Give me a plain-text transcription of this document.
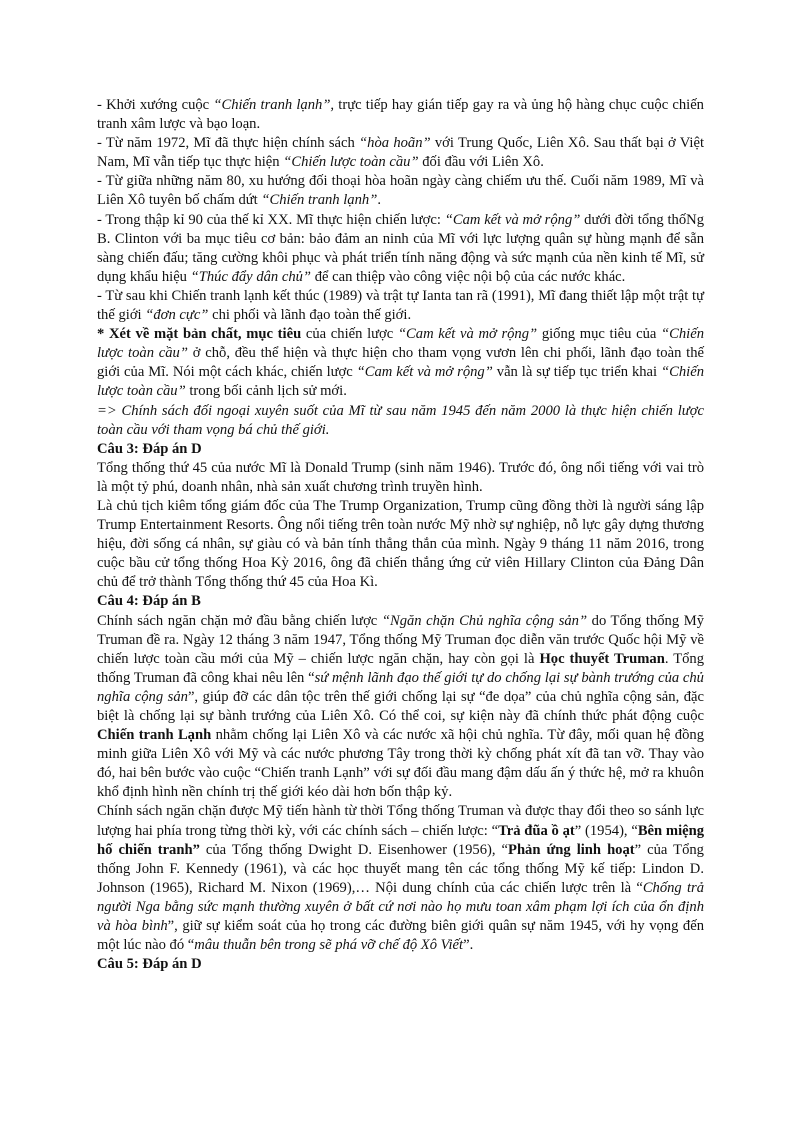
- Khởi xướng cuộc “Chiến tranh lạnh”, trực tiếp hay gián tiếp gay ra và ủng hộ hàng chục cuộc chiến tranh xâm lược và bạo loạn.

- Từ năm 1972, Mĩ đã thực hiện chính sách “hòa hoãn” với Trung Quốc, Liên Xô. Sau thất bại ở Việt Nam, Mĩ vẫn tiếp tục thực hiện “Chiến lược toàn cầu” đối đầu với Liên Xô.

- Từ giữa những năm 80, xu hướng đối thoại hòa hoãn ngày càng chiếm ưu thế. Cuối năm 1989, Mĩ và Liên Xô tuyên bố chấm dứt “Chiến tranh lạnh”.

- Trong thập kỉ 90 của thế kỉ XX. Mĩ thực hiện chiến lược: “Cam kết và mở rộng” dưới đời tổng thốNg B. Clinton với ba mục tiêu cơ bản: bảo đảm an ninh của Mĩ với lực lượng quân sự hùng mạnh để sẵn sàng chiến đấu; tăng cường khôi phục và phát triển tính năng động và sức mạnh của nền kinh tế Mĩ, sử dụng khẩu hiệu “Thúc đẩy dân chủ” để can thiệp vào công việc nội bộ của các nước khác.

- Từ sau khi Chiến tranh lạnh kết thúc (1989) và trật tự Ianta tan rã (1991), Mĩ đang thiết lập một trật tự thế giới “đơn cực” chi phối và lãnh đạo toàn thế giới.

* Xét về mặt bản chất, mục tiêu của chiến lược “Cam kết và mở rộng” giống mục tiêu của “Chiến lược toàn cầu” ở chỗ, đều thể hiện và thực hiện cho tham vọng vươn lên chi phối, lãnh đạo toàn thế giới của Mĩ. Nói một cách khác, chiến lược “Cam kết và mở rộng” vẫn là sự tiếp tục triển khai “Chiến lược toàn cầu” trong bối cảnh lịch sử mới.

=> Chính sách đối ngoại xuyên suốt của Mĩ từ sau năm 1945 đến năm 2000 là thực hiện chiến lược toàn cầu với tham vọng bá chủ thế giới.

Câu 3: Đáp án D

Tổng thống thứ 45 của nước Mĩ là Donald Trump (sinh năm 1946). Trước đó, ông nổi tiếng với vai trò là một tỷ phú, doanh nhân, nhà sản xuất chương trình truyền hình.

Là chủ tịch kiêm tổng giám đốc của The Trump Organization, Trump cũng đồng thời là người sáng lập Trump Entertainment Resorts. Ông nổi tiếng trên toàn nước Mỹ nhờ sự nghiệp, nỗ lực gây dựng thương hiệu, đời sống cá nhân, sự giàu có và bản tính thẳng thắn của mình. Ngày 9 tháng 11 năm 2016, trong cuộc bầu cử tổng thống Hoa Kỳ 2016, ông đã chiến thắng ứng cử viên Hillary Clinton của Đảng Dân chủ để trở thành Tổng thống thứ 45 của Hoa Kì.

Câu 4: Đáp án B

Chính sách ngăn chặn mở đầu bằng chiến lược “Ngăn chặn Chủ nghĩa cộng sản” do Tổng thống Mỹ Truman đề ra. Ngày 12 tháng 3 năm 1947, Tổng thống Mỹ Truman đọc diễn văn trước Quốc hội Mỹ về chiến lược toàn cầu mới của Mỹ – chiến lược ngăn chặn, hay còn gọi là Học thuyết Truman. Tổng thống Truman đã công khai nêu lên “sứ mệnh lãnh đạo thế giới tự do chống lại sự bành trướng của chủ nghĩa cộng sản”, giúp đỡ các dân tộc trên thế giới chống lại sự “đe dọa” của chủ nghĩa cộng sản, đặc biệt là chống lại sự bành trướng của Liên Xô. Có thể coi, sự kiện này đã chính thức phát động cuộc Chiến tranh Lạnh nhằm chống lại Liên Xô và các nước xã hội chủ nghĩa. Từ đây, mối quan hệ đồng minh giữa Liên Xô với Mỹ và các nước phương Tây trong thời kỳ chống phát xít đã tan vỡ. Thay vào đó, hai bên bước vào cuộc “Chiến tranh Lạnh” với sự đối đầu mang đậm dấu ấn ý thức hệ, mở ra khuôn khổ định hình nền chính trị thế giới kéo dài hơn bốn thập kỷ.

Chính sách ngăn chặn được Mỹ tiến hành từ thời Tổng thống Truman và được thay đổi theo so sánh lực lượng hai phía trong từng thời kỳ, với các chính sách – chiến lược: “Trả đũa ồ ạt” (1954), “Bên miệng hố chiến tranh” của Tổng thống Dwight D. Eisenhower (1956), “Phản ứng linh hoạt” của Tổng thống John F. Kennedy (1961), và các học thuyết mang tên các tổng thống Mỹ kế tiếp: Lindon D. Johnson (1965), Richard M. Nixon (1969),… Nội dung chính của các chiến lược trên là “Chống trả người Nga bằng sức mạnh thường xuyên ở bất cứ nơi nào họ mưu toan xâm phạm lợi ích của ổn định và hòa bình”, giữ sự kiểm soát của họ trong các đường biên giới quân sự năm 1945, với hy vọng đến một lúc nào đó “mâu thuẫn bên trong sẽ phá vỡ chế độ Xô Viết”.

Câu 5: Đáp án D
